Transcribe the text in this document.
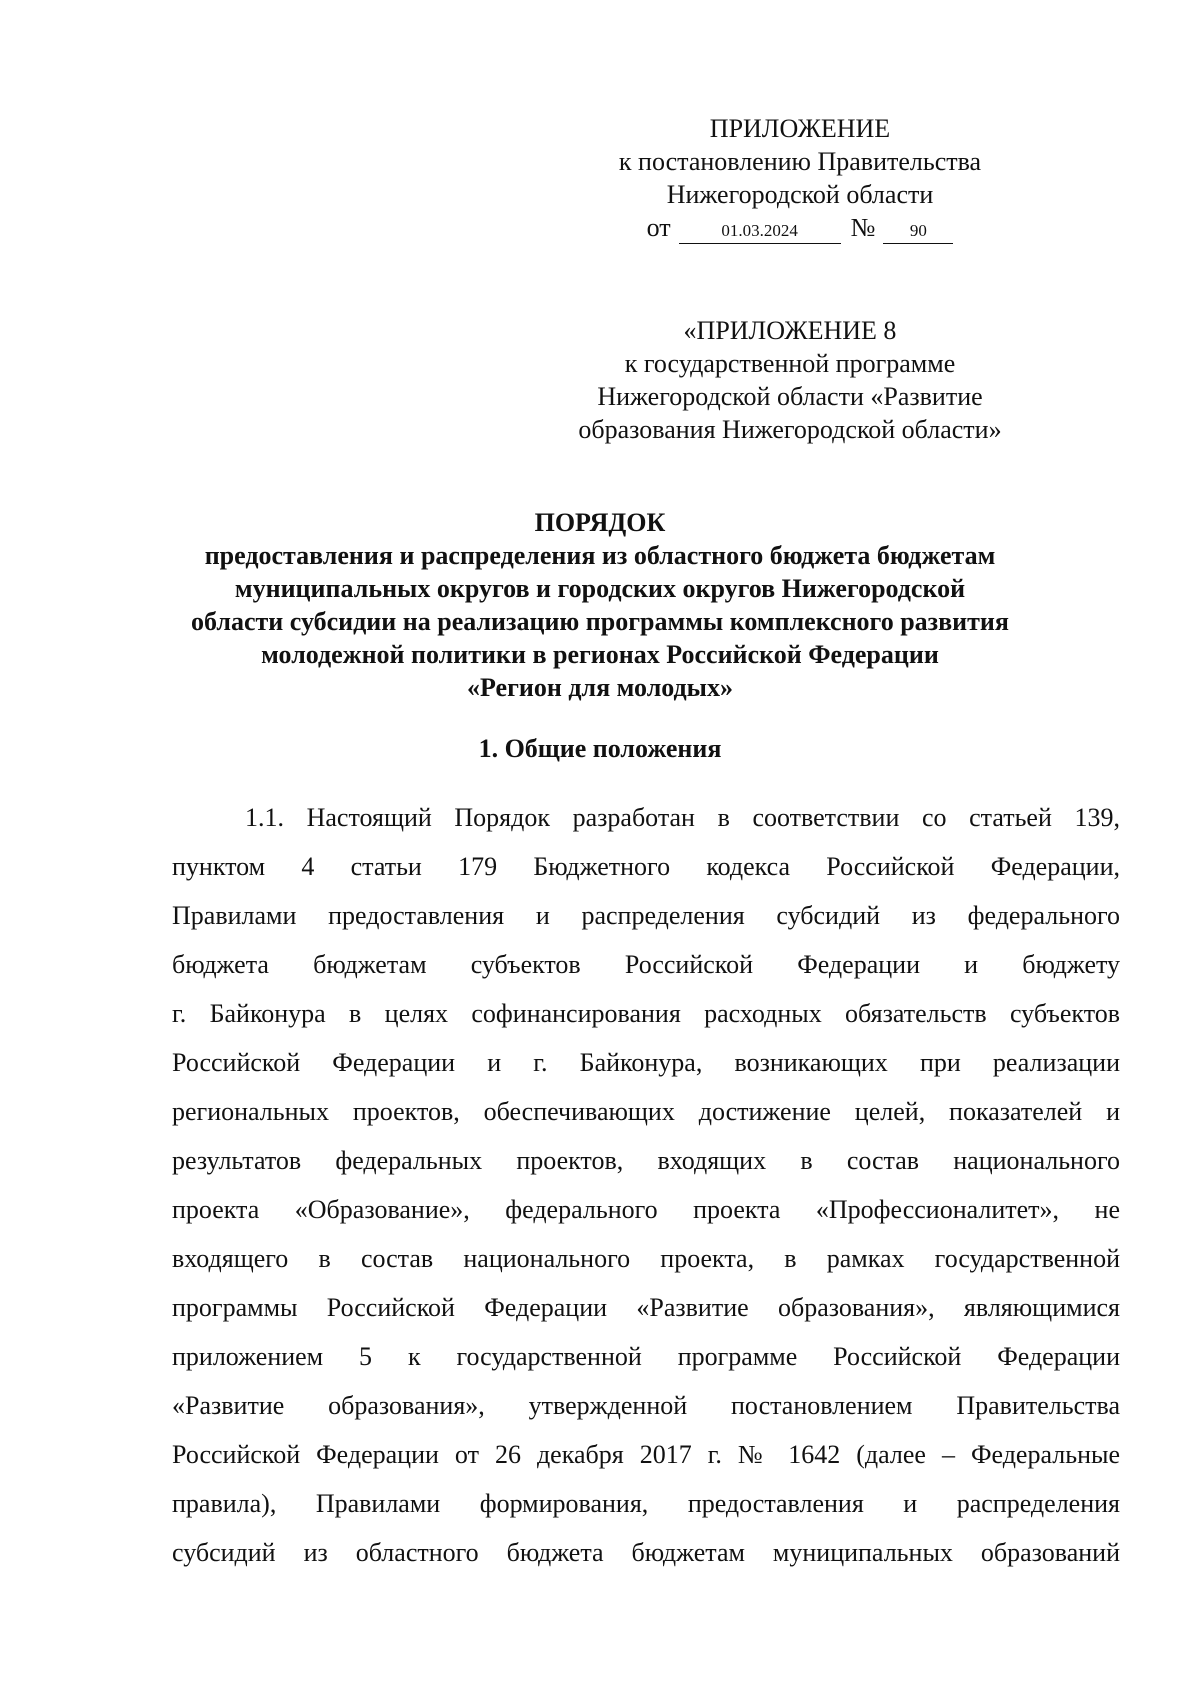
ПРИЛОЖЕНИЕ
к постановлению Правительства
Нижегородской области
от	01.03.2024	№	90
«ПРИЛОЖЕНИЕ 8
к государственной программе
Нижегородской области «Развитие
образования Нижегородской области»
ПОРЯДОК
предоставления и распределения из областного бюджета бюджетам
муниципальных округов и городских округов Нижегородской
области субсидии на реализацию программы комплексного развития
молодежной политики в регионах Российской Федерации
«Регион для молодых»
1. Общие положения
1.1. Настоящий Порядок разработан в соответствии со статьей 139,
пунктом 4 статьи 179 Бюджетного кодекса Российской Федерации,
Правилами предоставления и распределения субсидий из федерального
бюджета бюджетам субъектов Российской Федерации и бюджету
г. Байконура в целях софинансирования расходных обязательств субъектов
Российской Федерации и г. Байконура, возникающих при реализации
региональных проектов, обеспечивающих достижение целей, показателей и
результатов федеральных проектов, входящих в состав национального
проекта «Образование», федерального проекта «Профессионалитет», не
входящего в состав национального проекта, в рамках государственной
программы Российской Федерации «Развитие образования», являющимися
приложением 5 к государственной программе Российской Федерации
«Развитие образования», утвержденной постановлением Правительства
Российской Федерации от 26 декабря 2017 г. № 1642 (далее – Федеральные
правила), Правилами формирования, предоставления и распределения
субсидий из областного бюджета бюджетам муниципальных образований
